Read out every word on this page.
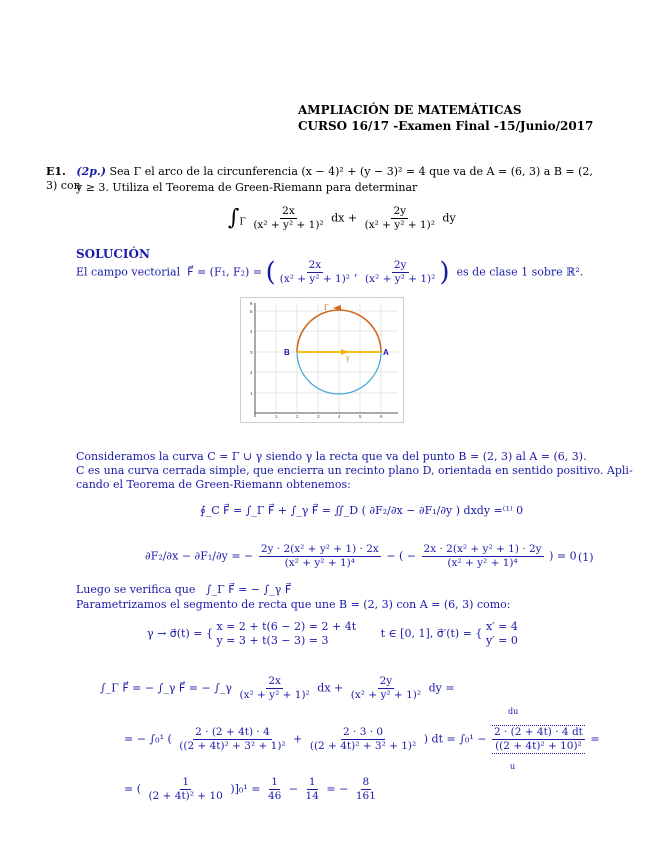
AMPLIACIÓN DE MATEMÁTICAS
CURSO 16/17 -Examen Final -15/Junio/2017
E1. (2p.) Sea Γ el arco de la circunferencia (x − 4)² + (y − 3)² = 4 que va de A = (6, 3) a B = (2, 3) con
y ≥ 3. Utiliza el Teorema de Green-Riemann para determinar
$\int_\Gamma \frac{2x}{\text{(x² + y² + 1)²}}$ dx + $\frac{2y}{\text{(x² + y² + 1)²}}$ dy
SOLUCIÓN
El campo vectorial F⃗ = (F₁, F₂) = ( $\frac{2x}{\text{(x² + y² + 1)²}}$ , $\frac{2y}{\text{(x² + y² + 1)²}}$ ) es de clase 1 sobre ℝ².
B	A
Γ
γ
1	2	3	4	5	6
1
2
3
4
5
6
Consideramos la curva C = Γ ∪ γ siendo γ la recta que va del punto B = (2, 3) al A = (6, 3).
C es una curva cerrada simple, que encierra un recinto plano D, orientada en sentido positivo. Apli-
cando el Teorema de Green-Riemann obtenemos:
∮_C F⃗ = ∫_Γ F⃗ + ∫_γ F⃗ = ∬_D ( ∂F₂/∂x − ∂F₁/∂y ) dxdy =⁽¹⁾ 0
∂F₂/∂x − ∂F₁/∂y = − $\frac{\text{2y · 2(x² + y² + 1) · 2x}}{\text{(x² + y² + 1)⁴}}$ − ( − $\frac{\text{2x · 2(x² + y² + 1) · 2y}}{\text{(x² + y² + 1)⁴}}$ ) = 0 (1)
Luego se verifica que ∫_Γ F⃗ = − ∫_γ F⃗
Parametrizamos el segmento de recta que une B = (2, 3) con A = (6, 3) como:
γ → σ⃗(t) = {
x = 2 + t(6 − 2) = 2 + 4t
y = 3 + t(3 − 3) = 3
t ∈ [0, 1], σ⃗′(t) = {
x′ = 4
y′ = 0
∫_Γ F⃗ = − ∫_γ F⃗ = − ∫_γ $\frac{2x}{\text{(x² + y² + 1)²}}$ dx + $\frac{2y}{\text{(x² + y² + 1)²}}$ dy =
= − ∫₀¹ ( $\frac{2 \cdot (2 + 4t) \cdot 4}{\text{((2 + 4t)² + 3² + 1)²}} + \frac{2 \cdot 3 \cdot 0}{\text{((2 + 4t)² + 3² + 1)²}}$ ) dt = $\int_0^1 - \frac{2 \cdot (2 + 4t) \cdot 4 dt}{\text{((2 + 4t)² + 10)²}}$ =
du
u
= ( $\frac{1}{\text{(2 + 4t)² + 10}} )]_0^1 = \frac{1}{46} - \frac{1}{14}$ = − $\frac{8}{161}$
